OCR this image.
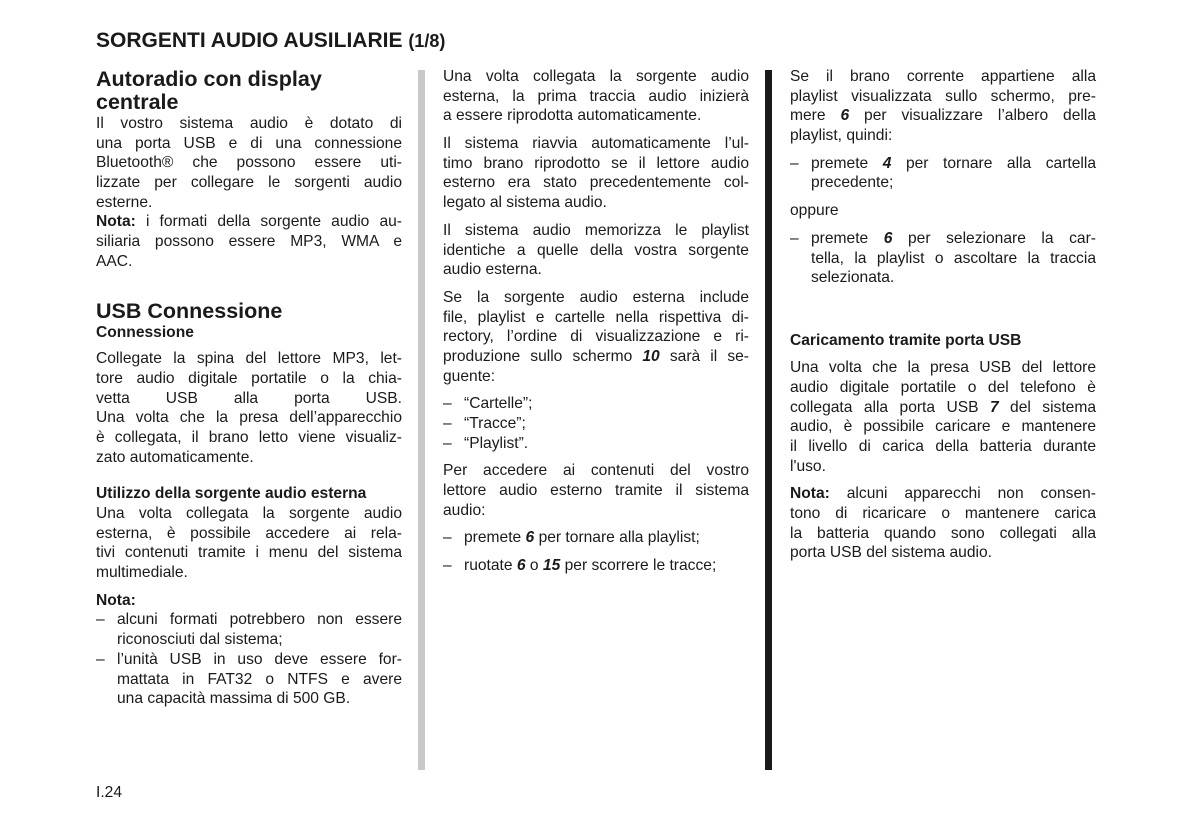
SORGENTI AUDIO AUSILIARIE (1/8)
Autoradio con display
centrale
Il vostro sistema audio è dotato di
una porta USB e di una connessione
Bluetooth® che possono essere uti-
lizzate per collegare le sorgenti audio
esterne.
Nota: i formati della sorgente audio au-
siliaria possono essere MP3, WMA e
AAC.
USB Connessione
Connessione
Collegate la spina del lettore MP3, let-
tore audio digitale portatile o la chia-
vetta USB alla porta USB.
Una volta che la presa dell’apparecchio
è collegata, il brano letto viene visualiz-
zato automaticamente.
Utilizzo della sorgente audio esterna
Una volta collegata la sorgente audio
esterna, è possibile accedere ai rela-
tivi contenuti tramite i menu del sistema
multimediale.
Nota:
– alcuni formati potrebbero non essere
riconosciuti dal sistema;
– l’unità USB in uso deve essere for-
mattata in FAT32 o NTFS e avere
una capacità massima di 500 GB.
Una volta collegata la sorgente audio
esterna, la prima traccia audio inizierà
a essere riprodotta automaticamente.
Il sistema riavvia automaticamente l’ul-
timo brano riprodotto se il lettore audio
esterno era stato precedentemente col-
legato al sistema audio.
Il sistema audio memorizza le playlist
identiche a quelle della vostra sorgente
audio esterna.
Se la sorgente audio esterna include
file, playlist e cartelle nella rispettiva di-
rectory, l’ordine di visualizzazione e ri-
produzione sullo schermo 10 sarà il se-
guente:
– “Cartelle”;
– “Tracce”;
– “Playlist”.
Per accedere ai contenuti del vostro
lettore audio esterno tramite il sistema
audio:
– premete 6 per tornare alla playlist;
– ruotate 6 o 15 per scorrere le tracce;
Se il brano corrente appartiene alla
playlist visualizzata sullo schermo, pre-
mere 6 per visualizzare l’albero della
playlist, quindi:
– premete 4 per tornare alla cartella
precedente;
oppure
– premete 6 per selezionare la car-
tella, la playlist o ascoltare la traccia
selezionata.
Caricamento tramite porta USB
Una volta che la presa USB del lettore
audio digitale portatile o del telefono è
collegata alla porta USB 7 del sistema
audio, è possibile caricare e mantenere
il livello di carica della batteria durante
l'uso.
Nota: alcuni apparecchi non consen-
tono di ricaricare o mantenere carica
la batteria quando sono collegati alla
porta USB del sistema audio.
I.24
